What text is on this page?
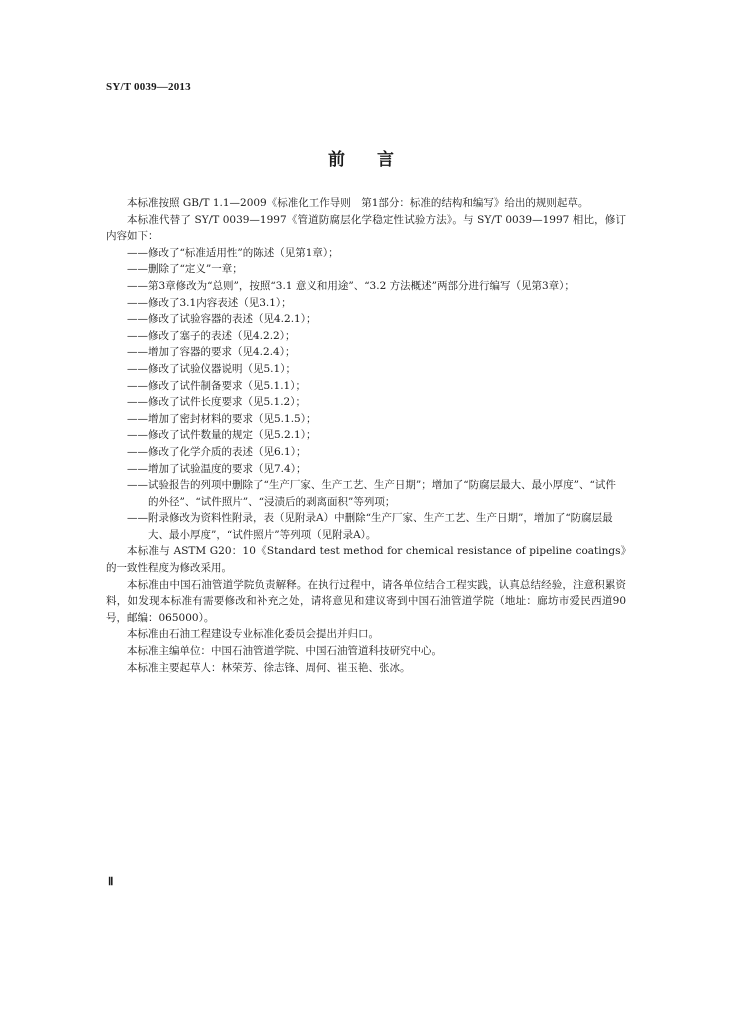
SY/T 0039—2013
前言

本标准按照 GB/T 1.1—2009《标准化工作导则　第1部分：标准的结构和编写》给出的规则起草。

本标准代替了 SY/T 0039—1997《管道防腐层化学稳定性试验方法》。与 SY/T 0039—1997 相比，修订内容如下：

——修改了“标准适用性”的陈述（见第1章）；

——删除了“定义”一章；

——第3章修改为“总则”，按照“3.1 意义和用途”、“3.2 方法概述”两部分进行编写（见第3章）；

——修改了3.1内容表述（见3.1）；

——修改了试验容器的表述（见4.2.1）；

——修改了塞子的表述（见4.2.2）；

——增加了容器的要求（见4.2.4）；

——修改了试验仪器说明（见5.1）；

——修改了试件制备要求（见5.1.1）；

——修改了试件长度要求（见5.1.2）；

——增加了密封材料的要求（见5.1.5）；

——修改了试件数量的规定（见5.2.1）；

——修改了化学介质的表述（见6.1）；

——增加了试验温度的要求（见7.4）；

——试验报告的列项中删除了“生产厂家、生产工艺、生产日期”；增加了“防腐层最大、最小厚度”、“试件的外径”、“试件照片”、“浸渍后的剥离面积”等列项；

——附录修改为资料性附录，表（见附录A）中删除“生产厂家、生产工艺、生产日期”，增加了“防腐层最大、最小厚度”，“试件照片”等列项（见附录A）。

本标准与 ASTM G20：10《Standard test method for chemical resistance of pipeline coatings》的一致性程度为修改采用。

本标准由中国石油管道学院负责解释。在执行过程中，请各单位结合工程实践，认真总结经验，注意积累资料，如发现本标准有需要修改和补充之处，请将意见和建议寄到中国石油管道学院（地址：廊坊市爱民西道90号，邮编：065000）。

本标准由石油工程建设专业标准化委员会提出并归口。

本标准主编单位：中国石油管道学院、中国石油管道科技研究中心。

本标准主要起草人：林荣芳、徐志锋、周何、崔玉艳、张冰。

Ⅱ
